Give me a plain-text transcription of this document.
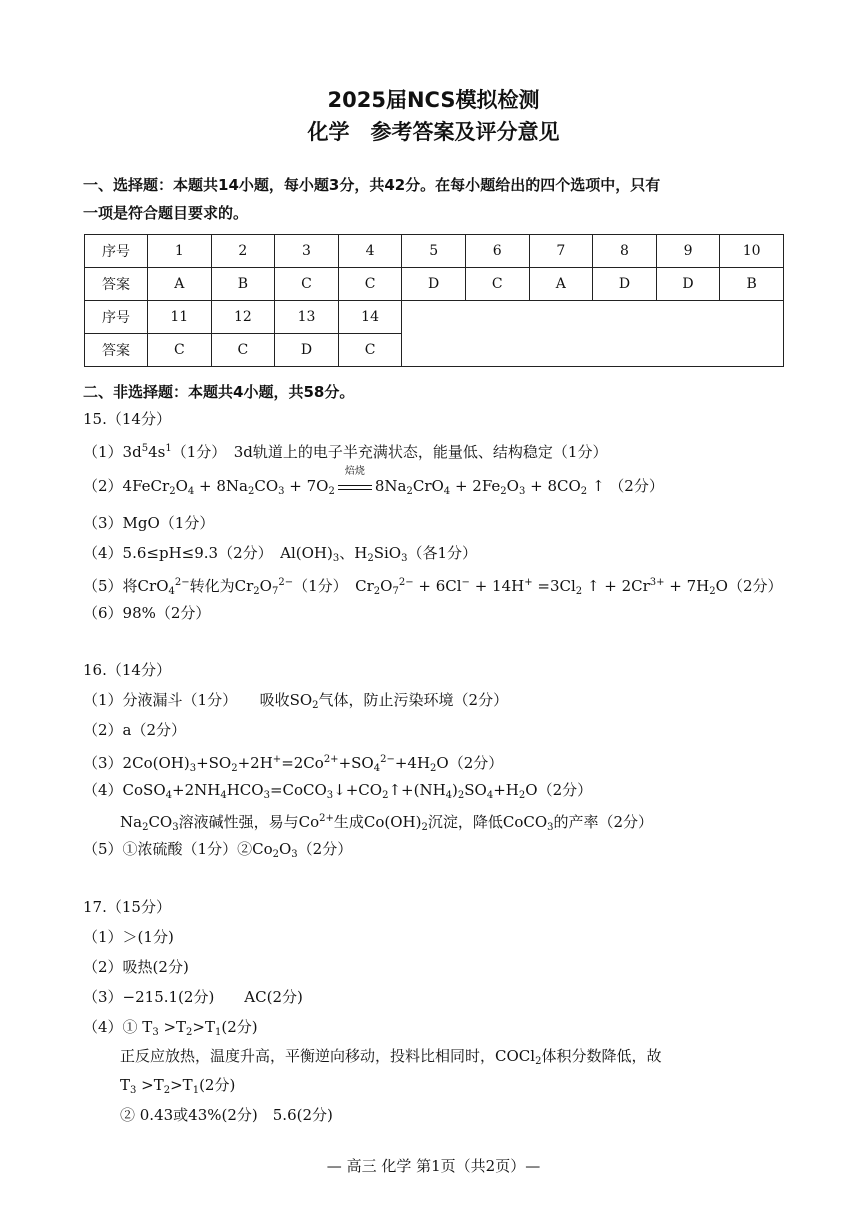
2025届NCS模拟检测
化学　参考答案及评分意见
一、选择题：本题共14小题，每小题3分，共42分。在每小题给出的四个选项中，只有
一项是符合题目要求的。
序号	1	2	3	4	5	6	7	8	9	10
答案	A	B	C	C	D	C	A	D	D	B
序号	11	12	13	14						
答案	C	C	D	C						
二、非选择题：本题共4小题，共58分。
15.（14分）
$(1)3d^54s^1(1$分）　3d轨道上的电子半充满状态，能量低、结构稳定（1分）
$(2)4FeCr_2O_4 + 8Na_2CO_3 + 7O_2$
焙烧
$8Na_2CrO_4 + 2Fe_2O_3 + 8CO_2$ ↑ （2分）
（3）MgO（1分）
（4）5.6≤pH≤9.3（2分）　$Al(OH)_3$、$H_2SiO_3$（各1分）
（5）将CrO$_4^{2-}$转化为$Cr_2O_7^{2-}(1$分）　$Cr_2O_7^{2-} + 6Cl^- + 14H^+ =3Cl_2$ ↑ + $2Cr^{3+} + 7H_2O(2$分）
（6）98%（2分）
16.（14分）
（1）分液漏斗（1分）　　吸收$SO_2$气体，防止污染环境（2分）
（2）a（2分）
$(3)2Co(OH)_3+SO_2+2H^+=2Co^{2+}+SO_4^{2-}+4H_2O(2$分）
$(4)CoSO_4+2NH_4HCO_3=CoCO_3↓+CO_2↑+(NH_4)_2SO_4+H_2O(2$分）
$Na_2CO_3$溶液碱性强，易与$Co^{2+}$生成$Co(OH)_2$沉淀，降低CoCO$_3$的产率（2分）
（5）①浓硫酸（1分）$②Co_2O_3(2$分）
17.（15分）
（1）＞(1分)
（2）吸热(2分)
（3）−215.1(2分)　　AC(2分)
（4）① $T_3 >T_2>T_1(2$分)
正反应放热，温度升高，平衡逆向移动，投料比相同时，COCl$_2$体积分数降低，故
$T_3 >T_2>T_1(2$分)
② 0.43或43%(2分)　5.6(2分)
— 高三 化学 第1页（共2页）—
